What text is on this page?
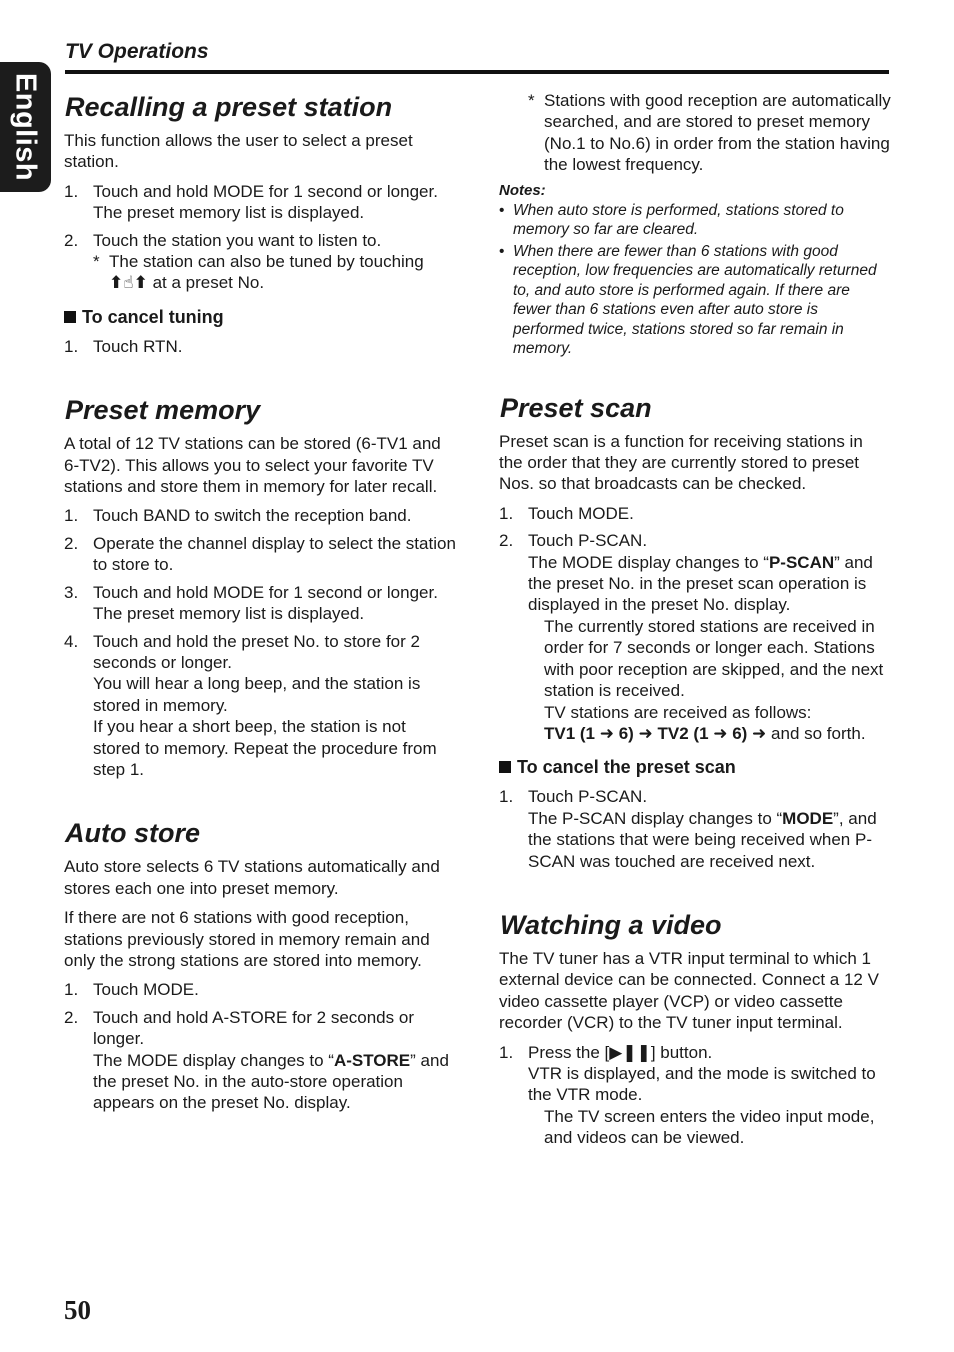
English
TV Operations
Recalling a preset station
This function allows the user to select a preset station.
1. Touch and hold MODE for 1 second or longer.
The preset memory list is displayed.
2. Touch the station you want to listen to.
* The station can also be tuned by touching
⬆☝⬆ at a preset No.
To cancel tuning
1. Touch RTN.
Preset memory
A total of 12 TV stations can be stored (6-TV1 and 6-TV2). This allows you to select your favorite TV stations and store them in memory for later recall.
1. Touch BAND to switch the reception band.
2. Operate the channel display to select the station to store to.
3. Touch and hold MODE for 1 second or longer.
The preset memory list is displayed.
4. Touch and hold the preset No. to store for 2 seconds or longer.
You will hear a long beep, and the station is stored in memory.
If you hear a short beep, the station is not stored to memory. Repeat the procedure from step 1.
Auto store
Auto store selects 6 TV stations automatically and stores each one into preset memory.
If there are not 6 stations with good reception, stations previously stored in memory remain and only the strong stations are stored into memory.
1. Touch MODE.
2. Touch and hold A-STORE for 2 seconds or longer.
The MODE display changes to “A-STORE” and the preset No. in the auto-store operation appears on the preset No. display.
* Stations with good reception are automatically searched, and are stored to preset memory (No.1 to No.6) in order from the station having the lowest frequency.
Notes:
• When auto store is performed, stations stored to memory so far are cleared.
• When there are fewer than 6 stations with good reception, low frequencies are automatically returned to, and auto store is performed again. If there are fewer than 6 stations even after auto store is performed twice, stations stored so far remain in memory.
Preset scan
Preset scan is a function for receiving stations in the order that they are currently stored to preset Nos. so that broadcasts can be checked.
1. Touch MODE.
2. Touch P-SCAN.
The MODE display changes to “P-SCAN” and the preset No. in the preset scan operation is displayed in the preset No. display.
The currently stored stations are received in order for 7 seconds or longer each. Stations with poor reception are skipped, and the next station is received.
TV stations are received as follows:
TV1 (1 ➜ 6) ➜ TV2 (1 ➜ 6) ➜ and so forth.
To cancel the preset scan
1. Touch P-SCAN.
The P-SCAN display changes to “MODE”, and the stations that were being received when P-SCAN was touched are received next.
Watching a video
The TV tuner has a VTR input terminal to which 1 external device can be connected. Connect a 12 V video cassette player (VCP) or video cassette recorder (VCR) to the TV tuner input terminal.
1. Press the [▶❚❚] button.
VTR is displayed, and the mode is switched to the VTR mode.
The TV screen enters the video input mode, and videos can be viewed.
50
